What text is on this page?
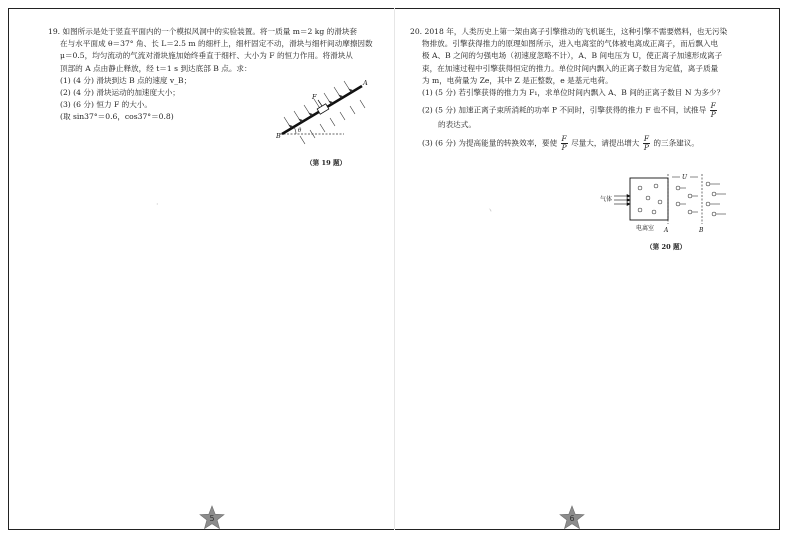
19. 如图所示是处于竖直平面内的一个模拟风洞中的实验装置。将一质量 m＝2 kg 的滑块套

在与水平面成 θ＝37° 角、长 L＝2.5 m 的细杆上，细杆固定不动，滑块与细杆间动摩擦因数

μ＝0.5，均匀流动的气流对滑块施加始终垂直于细杆、大小为 F 的恒力作用。将滑块从

顶部的 A 点由静止释放，经 t＝1 s 到达底部 B 点。求：

(1) (4 分) 滑块到达 B 点的速度 v_B；

(2) (4 分) 滑块运动的加速度大小；

(3) (6 分) 恒力 F 的大小。

(取 sin37°＝0.6，cos37°＝0.8)

F
A
B
θ
（第 19 题）

20. 2018 年，人类历史上第一架由离子引擎推动的飞机诞生，这种引擎不需要燃料，也无污染

物排放。引擎获得推力的原理如图所示，进入电离室的气体被电离成正离子，而后飘入电

极 A、B 之间的匀强电场（初速度忽略不计），A、B 间电压为 U，使正离子加速形成离子

束，在加速过程中引擎获得恒定的推力。单位时间内飘入的正离子数目为定值，离子质量

为 m，电荷量为 Ze，其中 Z 是正整数，e 是基元电荷。

(1) (5 分) 若引擎获得的推力为 F₁，求单位时间内飘入 A、B 间的正离子数目 N 为多少？

(2) (5 分) 加速正离子束所消耗的功率 P 不同时，引擎获得的推力 F 也不同，试推导 $\frac{F}{P}$

的表达式。

(3) (6 分) 为提高能量的转换效率，要使 $\frac{F}{P}$ 尽量大，请提出增大 $\frac{F}{P}$ 的三条建议。

气体
U
电离室 A	B
（第 20 题）
ヽ
·
5	6
